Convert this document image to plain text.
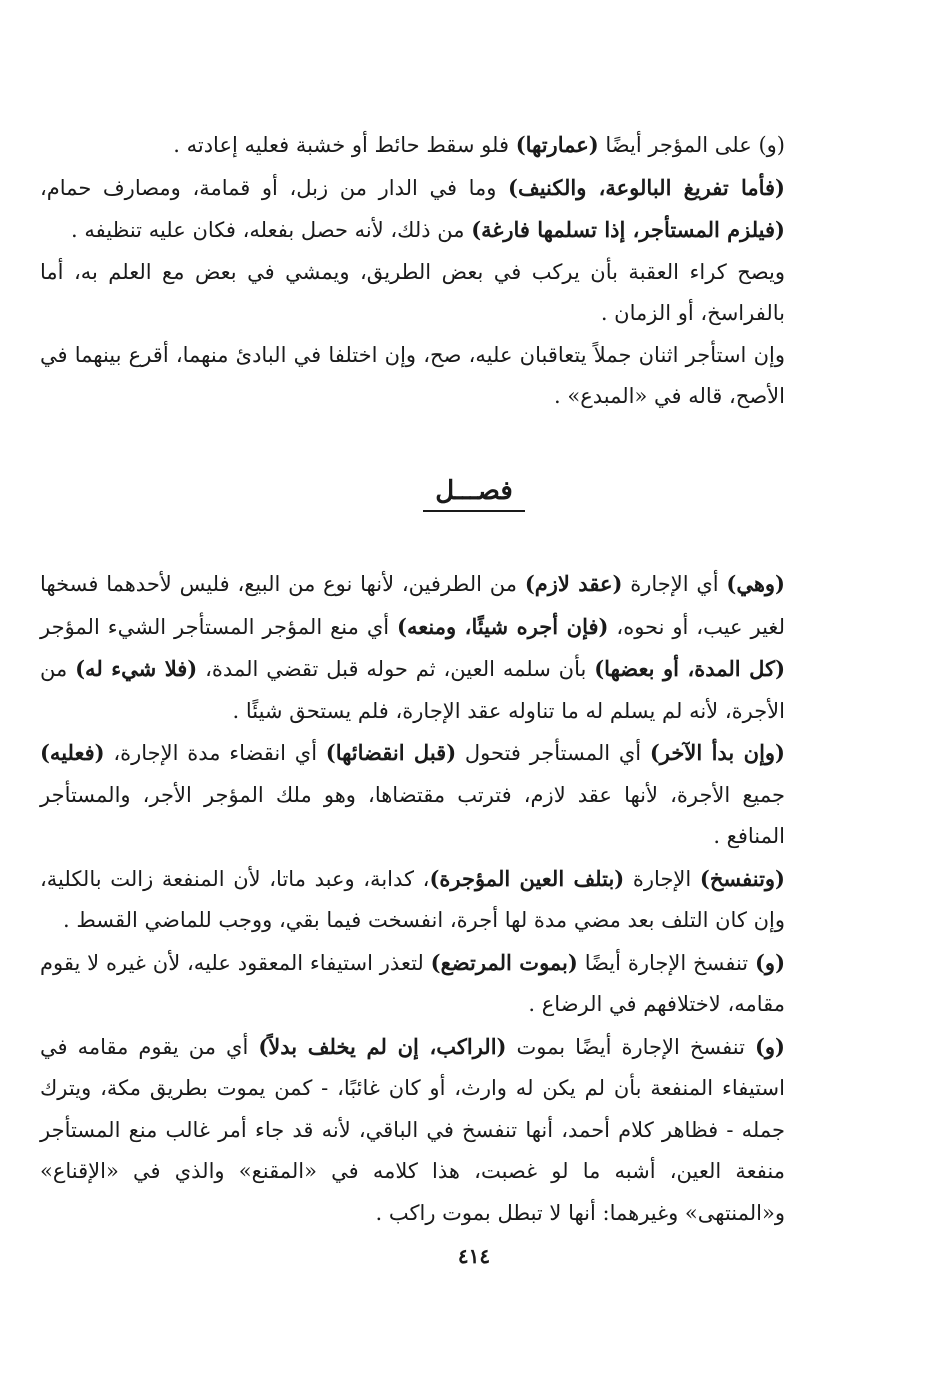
(و) على المؤجر أيضًا (عمارتها) فلو سقط حائط أو خشبة فعليه إعادته .

(فأما تفريغ البالوعة، والكنيف) وما في الدار من زبل، أو قمامة، ومصارف حمام، (فيلزم المستأجر، إذا تسلمها فارغة) من ذلك، لأنه حصل بفعله، فكان عليه تنظيفه .

ويصح كراء العقبة بأن يركب في بعض الطريق، ويمشي في بعض مع العلم به، أما بالفراسخ، أو الزمان .

وإن استأجر اثنان جملاً يتعاقبان عليه، صح، وإن اختلفا في البادئ منهما، أقرع بينهما في الأصح، قاله في «المبدع» .

فصـــل

(وهي) أي الإجارة (عقد لازم) من الطرفين، لأنها نوع من البيع، فليس لأحدهما فسخها لغير عيب، أو نحوه، (فإن أجره شيئًا، ومنعه) أي منع المؤجر المستأجر الشيء المؤجر (كل المدة، أو بعضها) بأن سلمه العين، ثم حوله قبل تقضي المدة، (فلا شيء له) من الأجرة، لأنه لم يسلم له ما تناوله عقد الإجارة، فلم يستحق شيئًا .

(وإن بدأ الآخر) أي المستأجر فتحول (قبل انقضائها) أي انقضاء مدة الإجارة، (فعليه) جميع الأجرة، لأنها عقد لازم، فترتب مقتضاها، وهو ملك المؤجر الأجر، والمستأجر المنافع .

(وتنفسخ) الإجارة (بتلف العين المؤجرة)، كدابة، وعبد ماتا، لأن المنفعة زالت بالكلية، وإن كان التلف بعد مضي مدة لها أجرة، انفسخت فيما بقي، ووجب للماضي القسط .

(و) تنفسخ الإجارة أيضًا (بموت المرتضع) لتعذر استيفاء المعقود عليه، لأن غيره لا يقوم مقامه، لاختلافهم في الرضاع .

(و) تنفسخ الإجارة أيضًا بموت (الراكب، إن لم يخلف بدلاً) أي من يقوم مقامه في استيفاء المنفعة بأن لم يكن له وارث، أو كان غائبًا، - كمن يموت بطريق مكة، ويترك جمله - فظاهر كلام أحمد، أنها تنفسخ في الباقي، لأنه قد جاء أمر غالب منع المستأجر منفعة العين، أشبه ما لو غصبت، هذا كلامه في «المقنع» والذي في «الإقناع» و«المنتهى» وغيرهما: أنها لا تبطل بموت راكب .

٤١٤
